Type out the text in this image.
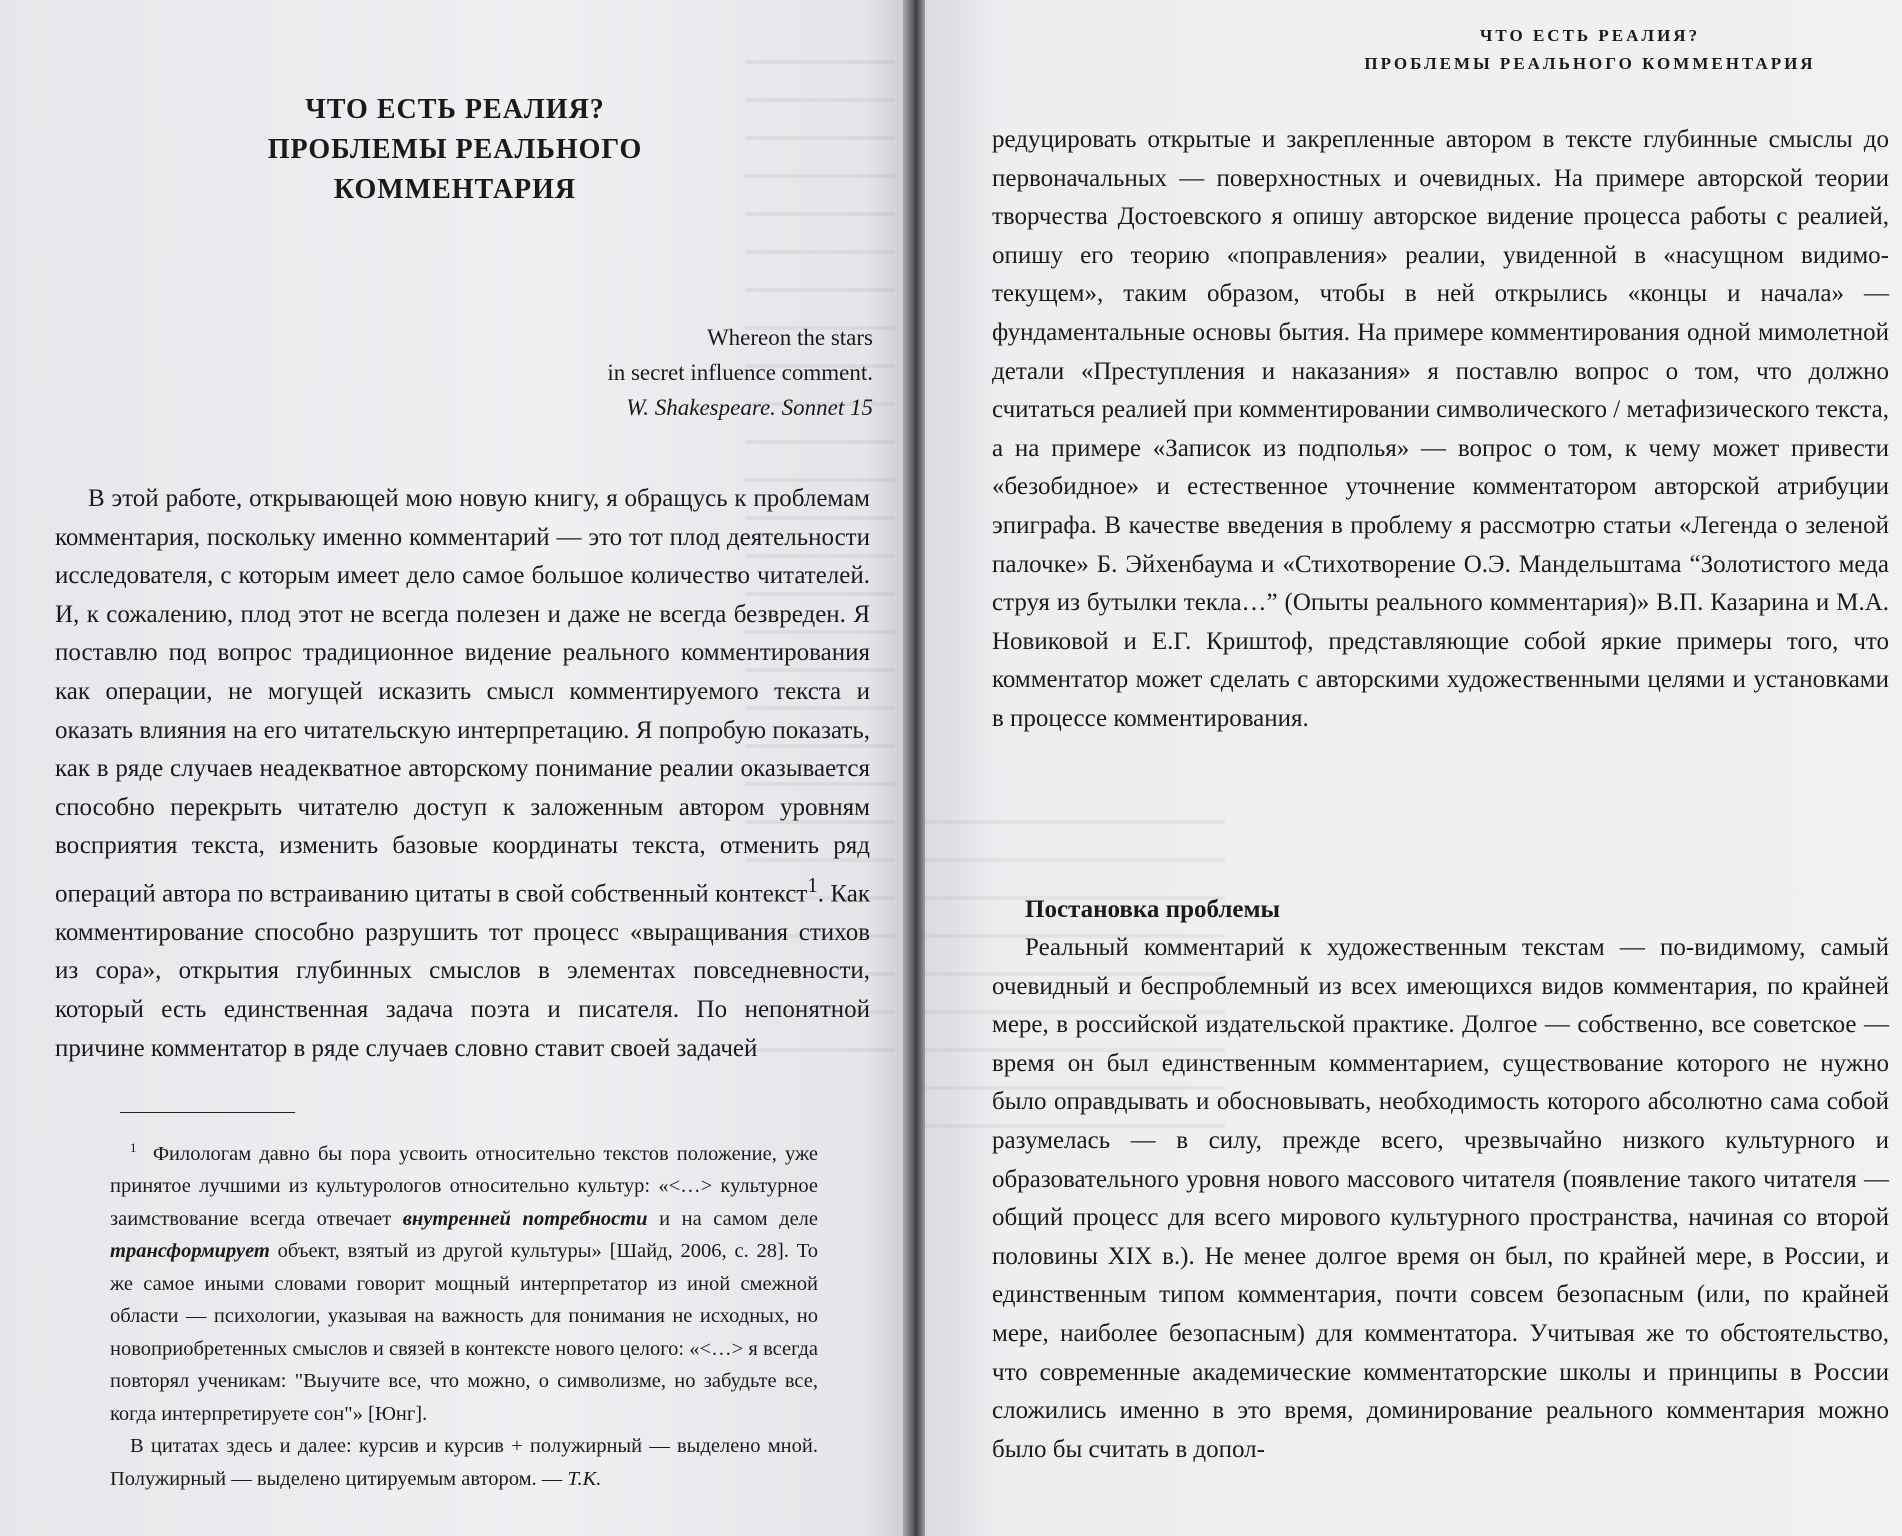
ЧТО ЕСТЬ РЕАЛИЯ?
ПРОБЛЕМЫ РЕАЛЬНОГО КОММЕНТАРИЯ
Whereon the stars
in secret influence comment.
W. Shakespeare. Sonnet 15

В этой работе, открывающей мою новую книгу, я обращусь к проблемам комментария, поскольку именно комментарий — это тот плод деятельности исследователя, с которым имеет дело самое большое количество читателей. И, к сожалению, плод этот не всегда полезен и даже не всегда безвреден. Я поставлю под вопрос традиционное видение реального комментирования как операции, не могущей исказить смысл комментируемого текста и оказать влияния на его читательскую интерпретацию. Я попробую показать, как в ряде случаев неадекватное авторскому понимание реалии оказывается способно перекрыть читателю доступ к заложенным автором уровням восприятия текста, изменить базовые координаты текста, отменить ряд операций автора по встраиванию цитаты в свой собственный контекст$^1$. Как комментирование способно разрушить тот процесс «выращивания стихов из сора», открытия глубинных смыслов в элементах повседневности, который есть единственная задача поэта и писателя. По непонятной причине комментатор в ряде случаев словно ставит своей задачей

$^1$ Филологам давно бы пора усвоить относительно текстов положение, уже принятое лучшими из культурологов относительно культур: «<…> культурное заимствование всегда отвечает внутренней потребности и на самом деле трансформирует объект, взятый из другой культуры» [Шайд, 2006, с. 28]. То же самое иными словами говорит мощный интерпретатор из иной смежной области — психологии, указывая на важность для понимания не исходных, но новоприобретенных смыслов и связей в контексте нового целого: «<…> я всегда повторял ученикам: "Выучите все, что можно, о символизме, но забудьте все, когда интерпретируете сон"» [Юнг].

В цитатах здесь и далее: курсив и курсив + полужирный — выделено мной. Полужирный — выделено цитируемым автором. — Т.К.

ЧТО ЕСТЬ РЕАЛИЯ?
ПРОБЛЕМЫ РЕАЛЬНОГО КОММЕНТАРИЯ

редуцировать открытые и закрепленные автором в тексте глубинные смыслы до первоначальных — поверхностных и очевидных. На примере авторской теории творчества Достоевского я опишу авторское видение процесса работы с реалией, опишу его теорию «поправления» реалии, увиденной в «насущном видимо-текущем», таким образом, чтобы в ней открылись «концы и начала» — фундаментальные основы бытия. На примере комментирования одной мимолетной детали «Преступления и наказания» я поставлю вопрос о том, что должно считаться реалией при комментировании символического / метафизического текста, а на примере «Записок из подполья» — вопрос о том, к чему может привести «безобидное» и естественное уточнение комментатором авторской атрибуции эпиграфа. В качестве введения в проблему я рассмотрю статьи «Легенда о зеленой палочке» Б. Эйхенбаума и «Стихотворение О.Э. Мандельштама “Золотистого меда струя из бутылки текла…” (Опыты реального комментария)» В.П. Казарина и М.А. Новиковой и Е.Г. Криштоф, представляющие собой яркие примеры того, что комментатор может сделать с авторскими художественными целями и установками в процессе комментирования.

Постановка проблемы

Реальный комментарий к художественным текстам — по-видимому, самый очевидный и беспроблемный из всех имеющихся видов комментария, по крайней мере, в российской издательской практике. Долгое — собственно, все советское — время он был единственным комментарием, существование которого не нужно было оправдывать и обосновывать, необходимость которого абсолютно сама собой разумелась — в силу, прежде всего, чрезвычайно низкого культурного и образовательного уровня нового массового читателя (появление такого читателя — общий процесс для всего мирового культурного пространства, начиная со второй половины XIX в.). Не менее долгое время он был, по крайней мере, в России, и единственным типом комментария, почти совсем безопасным (или, по крайней мере, наиболее безопасным) для комментатора. Учитывая же то обстоятельство, что современные академические комментаторские школы и принципы в России сложились именно в это время, доминирование реального комментария можно было бы считать в допол-
